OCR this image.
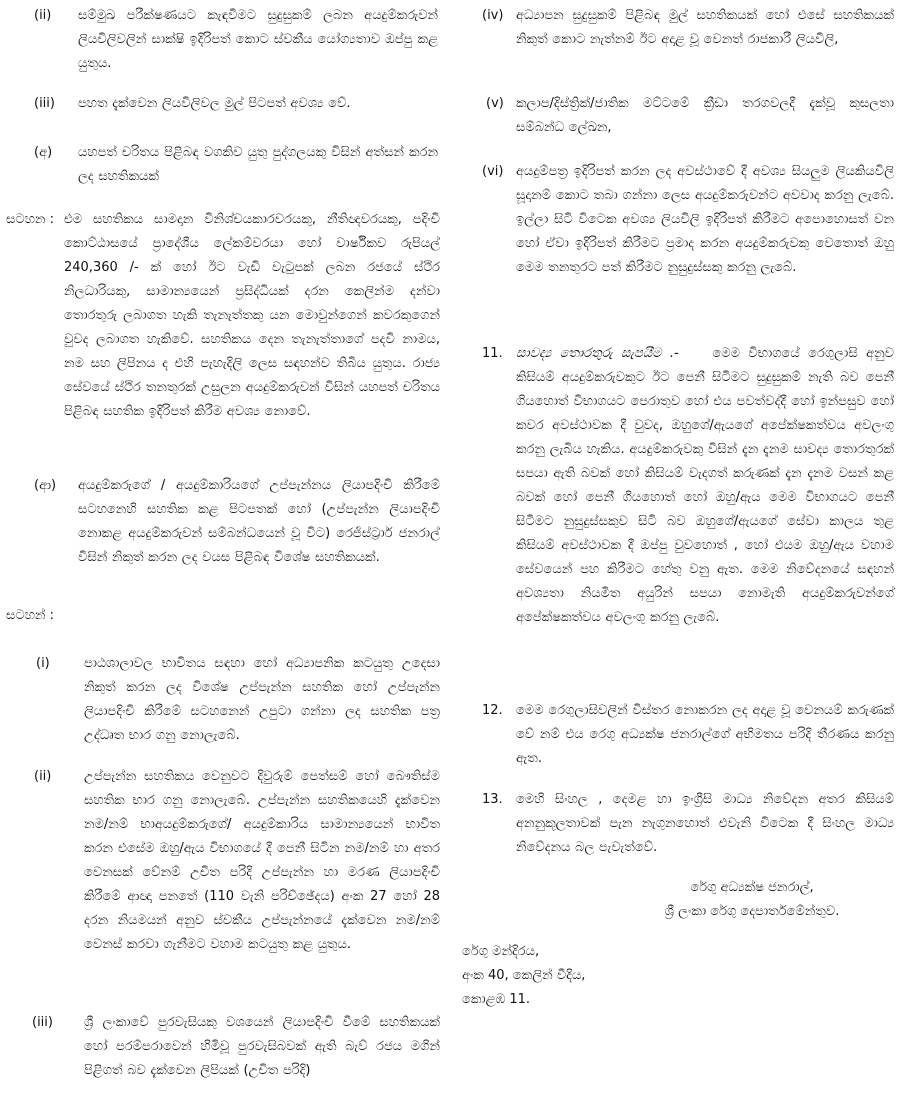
(ii) සම්මුඛ පරීක්ෂණයට කැඳවීමට සුදුසුකම් ලබන අයදුම්කරුවන් ලියවිලිවලින් සාක්ෂි ඉදිරිපත් කොට ස්වකීය යෝග්‍යතාව ඔප්පු කළ යුතුය.
(iii) පහත දැක්වෙන ලියවිලිවල මුල් පිටපත් අවශ්‍ය වේ.
(අ) යහපත් චරිතය පිළිබඳ වගකිව යුතු පුද්ගලයකු විසින් අත්සන් කරන ලද සහතිකයක්
සටහන : එම සහතිකය සාමදාන විනිශ්චයකාරවරයකු, නීතිඥවරයකු, පදිංචි කොට්ඨාසයේ ප්‍රාදේශීය ලේකම්වරයා හෝ වාර්ෂිකව රුපියල් 240,360 /- ක් හෝ ඊට වැඩි වැටුපක් ලබන රජයේ ස්ථිර නිලධාරියකු, සාමාන්‍යයෙන් ප්‍රසිද්ධියක් දරන කෙලින්ම දන්වා තොරතුරු ලබාගත හැකි තැනැත්තකු යන මොවුන්ගෙන් කවරකුගෙන් වුවද ලබාගත හැකිවේ. සහතිකය දෙන තැනැත්තාගේ පදවි නාමය, නම සහ ලිපිනය ද එහි පැහැදිලි ලෙස සඳහන්ව තිබිය යුතුය. රාජ්‍ය සේවයේ ස්ථිර තනතුරක් උසුලන අයදුම්කරුවන් විසින් යහපත් චරිතය පිළිබඳ සහතික ඉදිරිපත් කිරීම අවශ්‍ය නොවේ.
(ආ) අයදුම්කරුගේ / අයදුම්කාරියගේ උප්පැන්නය ලියාපදිංචි කිරීමේ සටහනෙහි සහතික කළ පිටපතක් හෝ (උප්පැන්න ලියාපදිංචි නොකළ අයදුම්කරුවන් සම්බන්ධයෙන් වූ විට) රෙජිස්ට්‍රාර් ජනරාල් විසින් නිකුත් කරන ලද වයස පිළිබඳ විශේෂ සහතිකයක්.
සටහන් :
(i)	පාඨශාලාවල භාවිතය සඳහා හෝ අධ්‍යාපනික කටයුතු උදෙසා නිකුත් කරන ලද විශේෂ උප්පැන්න සහතික හෝ උප්පැන්න ලියාපදිංචි කිරීමේ සටහනෙන් උපුටා ගන්නා ලද සහතික පත්‍ර උද්ධෘත භාර ගනු නොලැබේ.
(ii)	උප්පැන්න සහතිකය වෙනුවට දිවුරුම් පෙත්සම් හෝ බෞතිස්ම සහතික භාර ගනු නොලැබේ. උප්පැන්න සහතිකයෙහි දැක්වෙන නම/නම් භාඅයදුම්කරුගේ/ අයදුම්කාරිය සාමාන්‍යයෙන් භාවිත කරන එසේම ඔහු/ඇය විභාගයේ දී පෙනී සිටින නම/නම් හා අතර වෙනසක් වේනම් උචිත පරිදි උප්පැන්න හා මරණ ලියාපදිංචි කිරීමේ ආඥා පනතේ (110 වැනි පරිච්ඡේදය) අංක 27 හෝ 28 දරන නියමයන් අනුව ස්වකීය උප්පැන්නයේ දැක්වෙන නම/නම් වෙනස් කරවා ගැනීමට වහාම කටයුතු කළ යුතුය.
(iii) ශ්‍රී ලංකාවේ පුරවැසියකු වශයෙන් ලියාපදිංචි වීමේ සහතිකයක් හෝ පරම්පරාවෙන් හිමිවූ පුරවැසිබවක් ඇති බැව් රජය මගින් පිළිගත් බව දැක්වෙන ලිපියක් (උචිත පරිදි)
(iv) අධ්‍යාපන සුදුසුකම් පිළිබඳ මුල් සහතිකයක් හෝ එසේ සහතිකයක් නිකුත් කොට නැත්නම් ඊට අදාළ වූ වෙනත් රාජකාරී ලියවිලි,
(v) කලාප/දිස්ත්‍රික්/ජාතික මට්ටමේ ක්‍රීඩා තරගවලදී දැක්වූ කුසලතා සම්බන්ධ ලේඛන,
(vi) අයදුම්පත්‍ර ඉදිරිපත් කරන ලද අවස්ථාවේ දී අවශ්‍ය සියලුම ලියකියවිලි සූදානම් කොට තබා ගන්නා ලෙස අයදුම්කරුවන්ට අවවාද කරනු ලැබේ. ඉල්ලා සිටි විටෙක අවශ්‍ය ලියවිලි ඉදිරිපත් කිරීමට අපොහොසත් වන හෝ ඒවා ඉදිරිපත් කිරීමට ප්‍රමාද කරන අයදුම්කරුවකු වෙතොත් ඔහු මෙම තනතුරට පත් කිරීමට නුසුදුස්සකු කරනු ලැබේ.
11. සාවද්‍ය තොරතුරු සැපයීම .-	මෙම විභාගයේ රෙගුලාසි අනුව කිසියම් අයදුම්කරුවකුට ඊට පෙනී සිටීමට සුදුසුකම් නැති බව පෙනී ගියහොත් විභාගයට පෙරාතුව හෝ එය පවත්වද්දී හෝ ඉන්පසුව හෝ කවර අවස්ථාවක දී වුවද, ඔහුගේ/ඇයගේ අපේක්ෂකත්වය අවලංගු කරනු ලැබිය හැකිය. අයදුම්කරුවකු විසින් දැන දැනම සාවද්‍ය තොරතුරක් සපයා ඇති බවක් හෝ කිසියම් වැදගත් කරුණක් දැන දැනම වසන් කළ බවක් හෝ පෙනී ගියහොත් හෝ ඔහු/ඇය මෙම විභාගයට පෙනී සිටීමට නුසුදුස්සකුව සිටි බව ඔහුගේ/ඇයගේ සේවා කාලය තුළ කිසියම් අවස්ථාවක දී ඔප්පු වුවහොත් , හෝ එයම ඔහු/ඇය වහාම සේවයෙන් පහ කිරීමට හේතු වනු ඇත. මෙම නිවේදනයේ සඳහන් අවශ්‍යතා නියමිත අයුරින් සපයා නොමැති අයදුම්කරුවන්ගේ අපේක්ෂකත්වය අවලංගු කරනු ලැබේ.
12. මෙම රෙගුලාසිවලින් විස්තර නොකරන ලද අදාළ වූ වෙනයම් කරුණක් වේ නම් එය රෙගු අධ්‍යක්ෂ ජනරාල්ගේ අභිමතය පරිදි තීරණය කරනු ඇත.
13. මෙහි සිංහල , දෙමළ හා ඉංග්‍රීසි මාධ්‍ය නිවේදන අතර කිසියම් අනනුකූලතාවක් පැන නැගුනහොත් එවැනි විටෙක දී සිංහල මාධ්‍ය නිවේදනය බල පැවැත්වේ.
රේගු අධ්‍යක්ෂ ජනරාල්,
ශ්‍රී ලංකා රේගු දෙපාර්තමේන්තුව.
රේගු මන්දිරය,
අංක 40, කෙලින් වීදිය,
කොළඹ 11.
